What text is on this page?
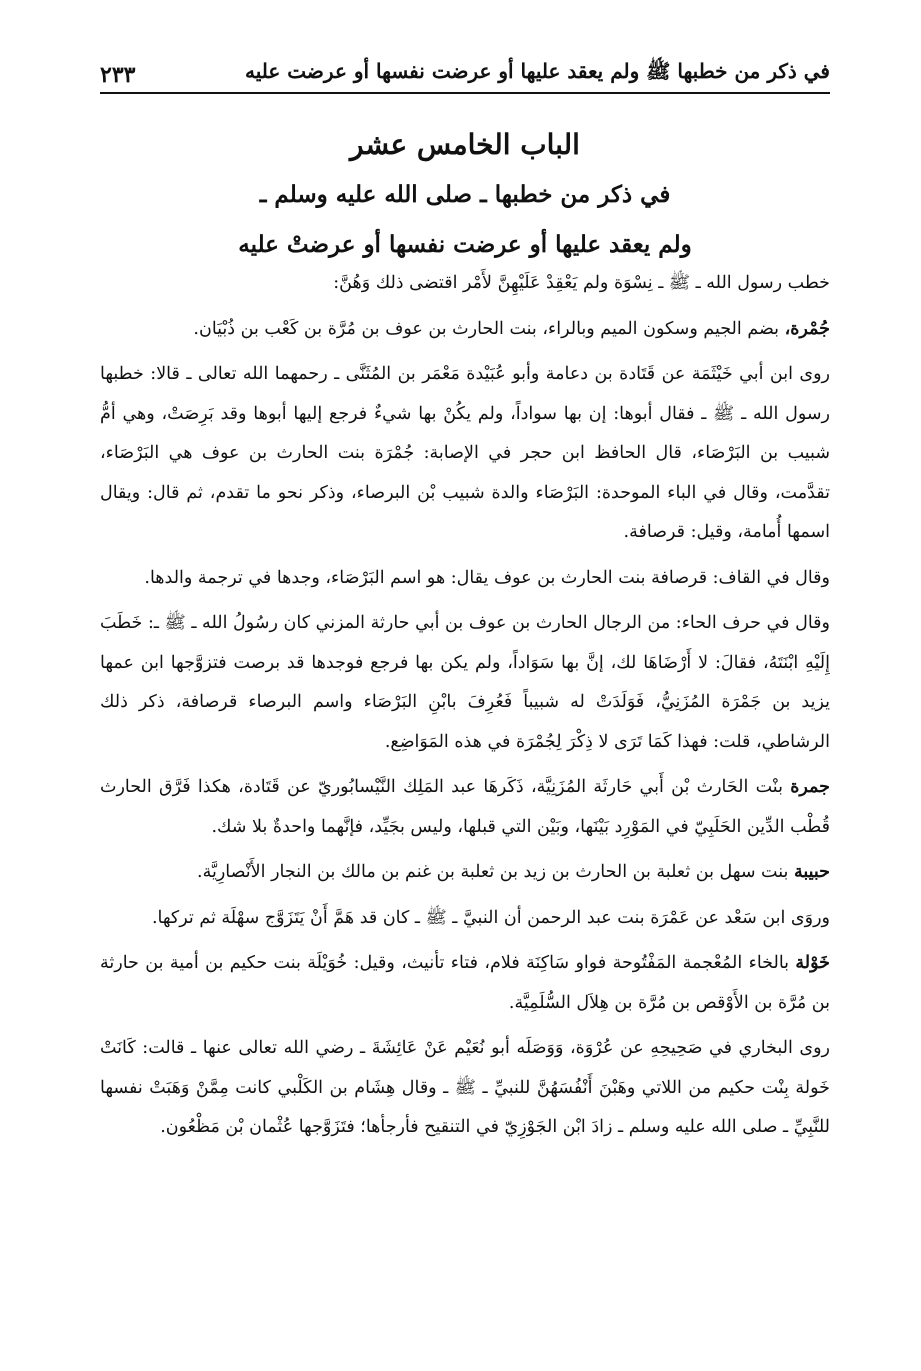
في ذكر من خطبها ﷺ ولم يعقد عليها أو عرضت نفسها أو عرضت عليه
٢٣٣
الباب الخامس عشر
في ذكر من خطبها ـ صلى الله عليه وسلم ـ
ولم يعقد عليها أو عرضت نفسها أو عرضتْ عليه

خطب رسول الله ـ ﷺ ـ نِسْوَة ولم يَعْقِدْ عَلَيْهِنَّ لأَمْر اقتضى ذلك وَهُنَّ:

جُمْرة، بضم الجيم وسكون الميم وبالراء، بنت الحارث بن عوف بن مُرَّة بن كَعْب بن ذُبْيَان.

روى ابن أبي خَيْثَمَة عن قَتَادة بن دعامة وأبو عُبَيْدة مَعْمَر بن المُثَنَّى ـ رحمهما الله تعالى ـ قالا: خطبها رسول الله ـ ﷺ ـ فقال أبوها: إن بها سواداً، ولم يكُنْ بها شيءٌ فرجع إليها أبوها وقد بَرِصَتْ، وهي أمُّ شبيب بن البَرْصَاء، قال الحافظ ابن حجر في الإصابة: جُمْرَة بنت الحارث بن عوف هي البَرْصَاء، تقدَّمت، وقال في الباء الموحدة: البَرْصَاء والدة شبيب بْن البرصاء، وذكر نحو ما تقدم، ثم قال: ويقال اسمها أُمامة، وقيل: قرصافة.

وقال في القاف: قرصافة بنت الحارث بن عوف يقال: هو اسم البَرْصَاء، وجدها في ترجمة والدها.

وقال في حرف الحاء: من الرجال الحارث بن عوف بن أبي حارثة المزني كان رسُولُ الله ـ ﷺ ـ: خَطَبَ إِلَيْهِ ابْنَتَهُ، فقالَ: لا أَرْضَاهَا لك، إنَّ بها سَوَاداً، ولم يكن بها فرجع فوجدها قد برصت فتزوَّجها ابن عمها يزيد بن جَمْرَة المُزَنِيُّ، فَوَلَدَتْ له شبيباً فَعُرِفَ بابْنِ البَرْصَاء واسم البرصاء قرصافة، ذكر ذلك الرشاطي، قلت: فهذا كَمَا تَرَى لا ذِكْرَ لِجُمْرَة في هذه المَوَاضِع.

جمرة بنْت الحَارث بْن أَبي حَارثَة المُزَنِيَّة، ذَكَرهَا عبد المَلِك النَّيْسابُوريّ عن قَتَادة، هكذا فَرَّق الحارث قُطْب الدِّين الحَلَبِيّ في المَوْرِد بَيْنَها، وبَيْن التي قبلها، وليس بجَيِّد، فإنَّهما واحدةٌ بلا شك.

حبيبة بنت سهل بن ثعلبة بن الحارث بن زيد بن ثعلبة بن غنم بن مالك بن النجار الأَنْصارِيَّة.

وروَى ابن سَعْد عن عَمْرَة بنت عبد الرحمن أن النبيَّ ـ ﷺ ـ كان قد هَمَّ أَنْ يَتَزَوَّج سهْلَة ثم تركها.

خَوْلة بالخاء المُعْجمة المَفْتُوحة فواو سَاكِنَة فلام، فتاء تأنيث، وقيل: خُوَيْلَة بنت حكيم بن أمية بن حارثة بن مُرَّة بن الأَوْقص بن مُرَّة بن هِلاَل السُّلَمِيَّة.

روى البخاري في صَحِيحِهِ عن عُرْوَة، وَوَصَلَه أبو نُعَيْم عَنْ عَائِشَةَ ـ رضي الله تعالى عنها ـ قالت: كَانَتْ خَولة بِنْت حكيم من اللاتي وهَبْنَ أَنْفُسَهُنَّ للنبيِّ ـ ﷺ ـ وقال هِشَام بن الكَلْبي كانت مِمَّنْ وَهَبَتْ نفسها للنَّبِيِّ ـ صلى الله عليه وسلم ـ زادَ ابْن الجَوْزِيّ في التنقيح فأرجأها؛ فتَزَوَّجها عُثْمان بْن مَظْعُون.
